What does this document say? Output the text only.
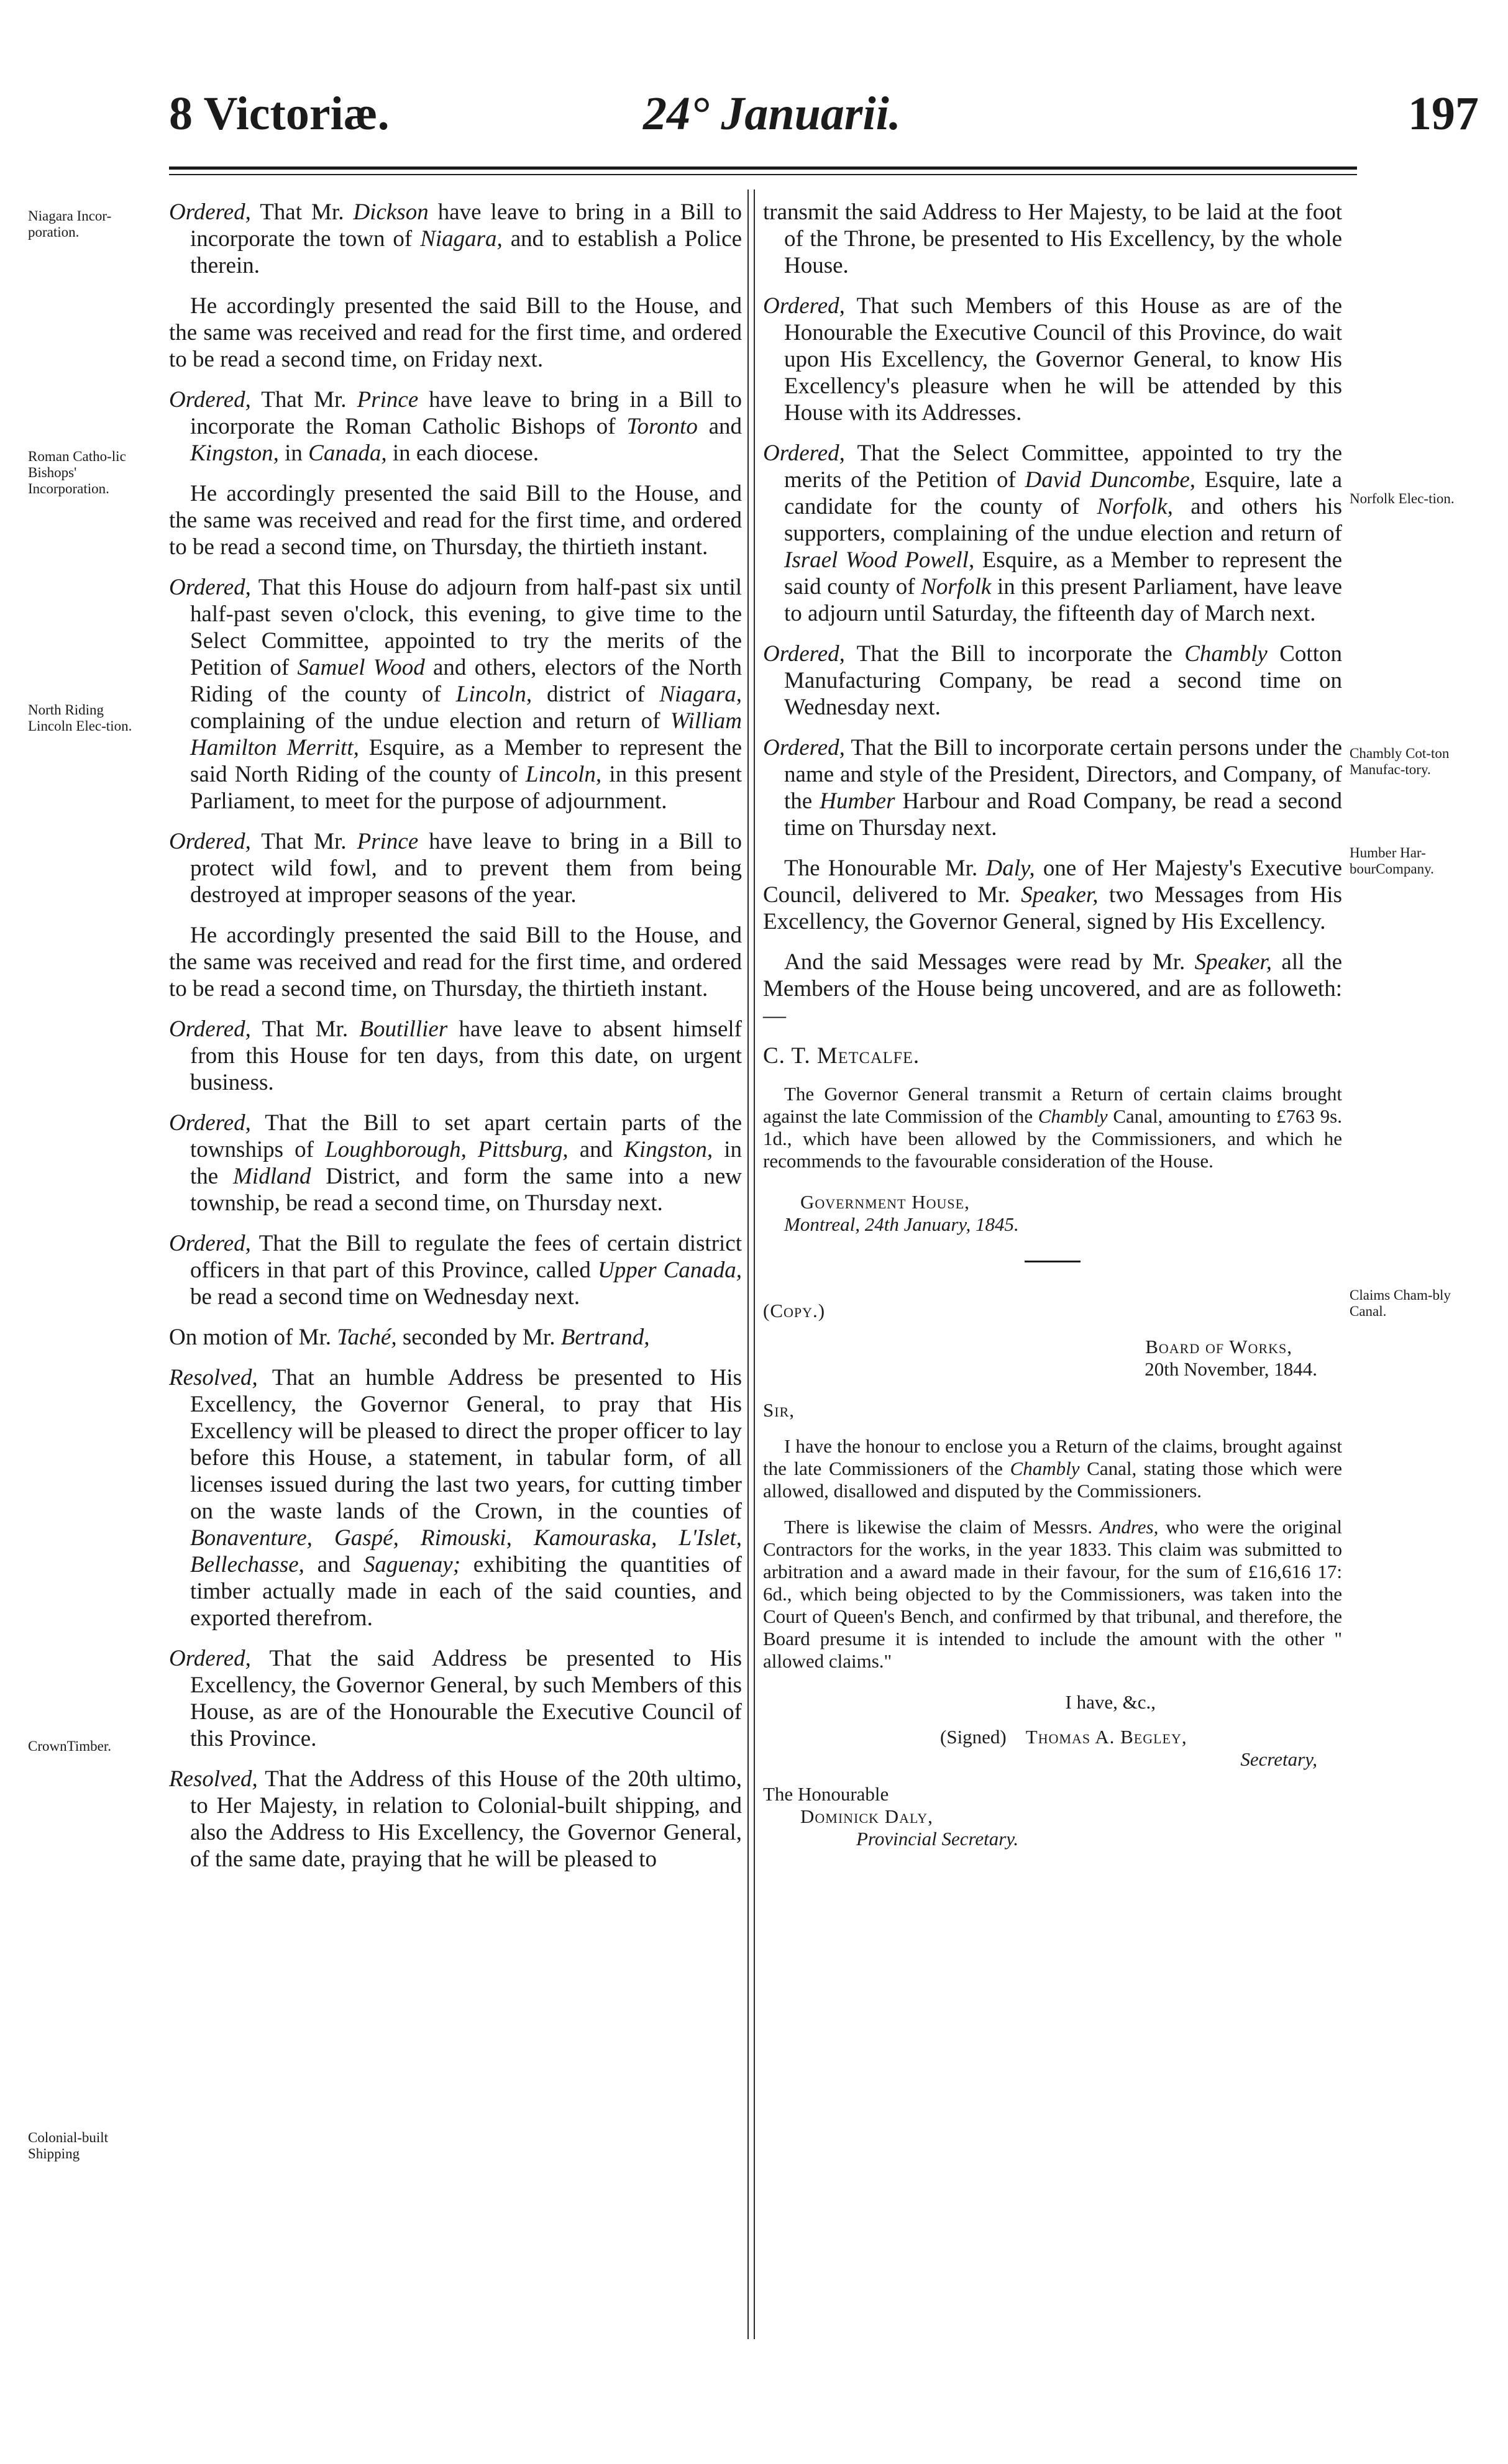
8 Victoriæ.	24° Januarii.	197
Niagara Incor-poration.
Roman Catho-lic Bishops' Incorporation.
North Riding Lincoln Elec-tion.
CrownTimber.
Colonial-built Shipping
Norfolk Elec-tion.
Chambly Cot-ton Manufac-tory.
Humber Har-bourCompany.
Claims Cham-bly Canal.

Ordered, That Mr. Dickson have leave to bring in a Bill to incorporate the town of Niagara, and to establish a Police therein.

He accordingly presented the said Bill to the House, and the same was received and read for the first time, and ordered to be read a second time, on Friday next.

Ordered, That Mr. Prince have leave to bring in a Bill to incorporate the Roman Catholic Bishops of Toronto and Kingston, in Canada, in each diocese.

He accordingly presented the said Bill to the House, and the same was received and read for the first time, and ordered to be read a second time, on Thursday, the thirtieth instant.

Ordered, That this House do adjourn from half-past six until half-past seven o'clock, this evening, to give time to the Select Committee, appointed to try the merits of the Petition of Samuel Wood and others, electors of the North Riding of the county of Lincoln, district of Niagara, complaining of the undue election and return of William Hamilton Merritt, Esquire, as a Member to represent the said North Riding of the county of Lincoln, in this present Parliament, to meet for the purpose of adjournment.

Ordered, That Mr. Prince have leave to bring in a Bill to protect wild fowl, and to prevent them from being destroyed at improper seasons of the year.

He accordingly presented the said Bill to the House, and the same was received and read for the first time, and ordered to be read a second time, on Thursday, the thirtieth instant.

Ordered, That Mr. Boutillier have leave to absent himself from this House for ten days, from this date, on urgent business.

Ordered, That the Bill to set apart certain parts of the townships of Loughborough, Pittsburg, and Kingston, in the Midland District, and form the same into a new township, be read a second time, on Thursday next.

Ordered, That the Bill to regulate the fees of certain district officers in that part of this Province, called Upper Canada, be read a second time on Wednesday next.

On motion of Mr. Taché, seconded by Mr. Bertrand,

Resolved, That an humble Address be presented to His Excellency, the Governor General, to pray that His Excellency will be pleased to direct the proper officer to lay before this House, a statement, in tabular form, of all licenses issued during the last two years, for cutting timber on the waste lands of the Crown, in the counties of Bonaventure, Gaspé, Rimouski, Kamouraska, L'Islet, Bellechasse, and Saguenay; exhibiting the quantities of timber actually made in each of the said counties, and exported therefrom.

Ordered, That the said Address be presented to His Excellency, the Governor General, by such Members of this House, as are of the Honourable the Executive Council of this Province.

Resolved, That the Address of this House of the 20th ultimo, to Her Majesty, in relation to Colonial-built shipping, and also the Address to His Excellency, the Governor General, of the same date, praying that he will be pleased to

transmit the said Address to Her Majesty, to be laid at the foot of the Throne, be presented to His Excellency, by the whole House.

Ordered, That such Members of this House as are of the Honourable the Executive Council of this Province, do wait upon His Excellency, the Governor General, to know His Excellency's pleasure when he will be attended by this House with its Addresses.

Ordered, That the Select Committee, appointed to try the merits of the Petition of David Duncombe, Esquire, late a candidate for the county of Norfolk, and others his supporters, complaining of the undue election and return of Israel Wood Powell, Esquire, as a Member to represent the said county of Norfolk in this present Parliament, have leave to adjourn until Saturday, the fifteenth day of March next.

Ordered, That the Bill to incorporate the Chambly Cotton Manufacturing Company, be read a second time on Wednesday next.

Ordered, That the Bill to incorporate certain persons under the name and style of the President, Directors, and Company, of the Humber Harbour and Road Company, be read a second time on Thursday next.

The Honourable Mr. Daly, one of Her Majesty's Executive Council, delivered to Mr. Speaker, two Messages from His Excellency, the Governor General, signed by His Excellency.

And the said Messages were read by Mr. Speaker, all the Members of the House being uncovered, and are as followeth:—

C. T. Metcalfe.

The Governor General transmit a Return of certain claims brought against the late Commission of the Chambly Canal, amounting to £763 9s. 1d., which have been allowed by the Commissioners, and which he recommends to the favourable consideration of the House.

Government House,

Montreal, 24th January, 1845.

(Copy.)

Board of Works,

20th November, 1844.

Sir,

I have the honour to enclose you a Return of the claims, brought against the late Commissioners of the Chambly Canal, stating those which were allowed, disallowed and disputed by the Commissioners.

There is likewise the claim of Messrs. Andres, who were the original Contractors for the works, in the year 1833. This claim was submitted to arbitration and a award made in their favour, for the sum of £16,616 17: 6d., which being objected to by the Commissioners, was taken into the Court of Queen's Bench, and confirmed by that tribunal, and therefore, the Board presume it is intended to include the amount with the other " allowed claims."

I have, &c.,

(Signed) Thomas A. Begley,

Secretary,

The Honourable

Dominick Daly,

Provincial Secretary.
